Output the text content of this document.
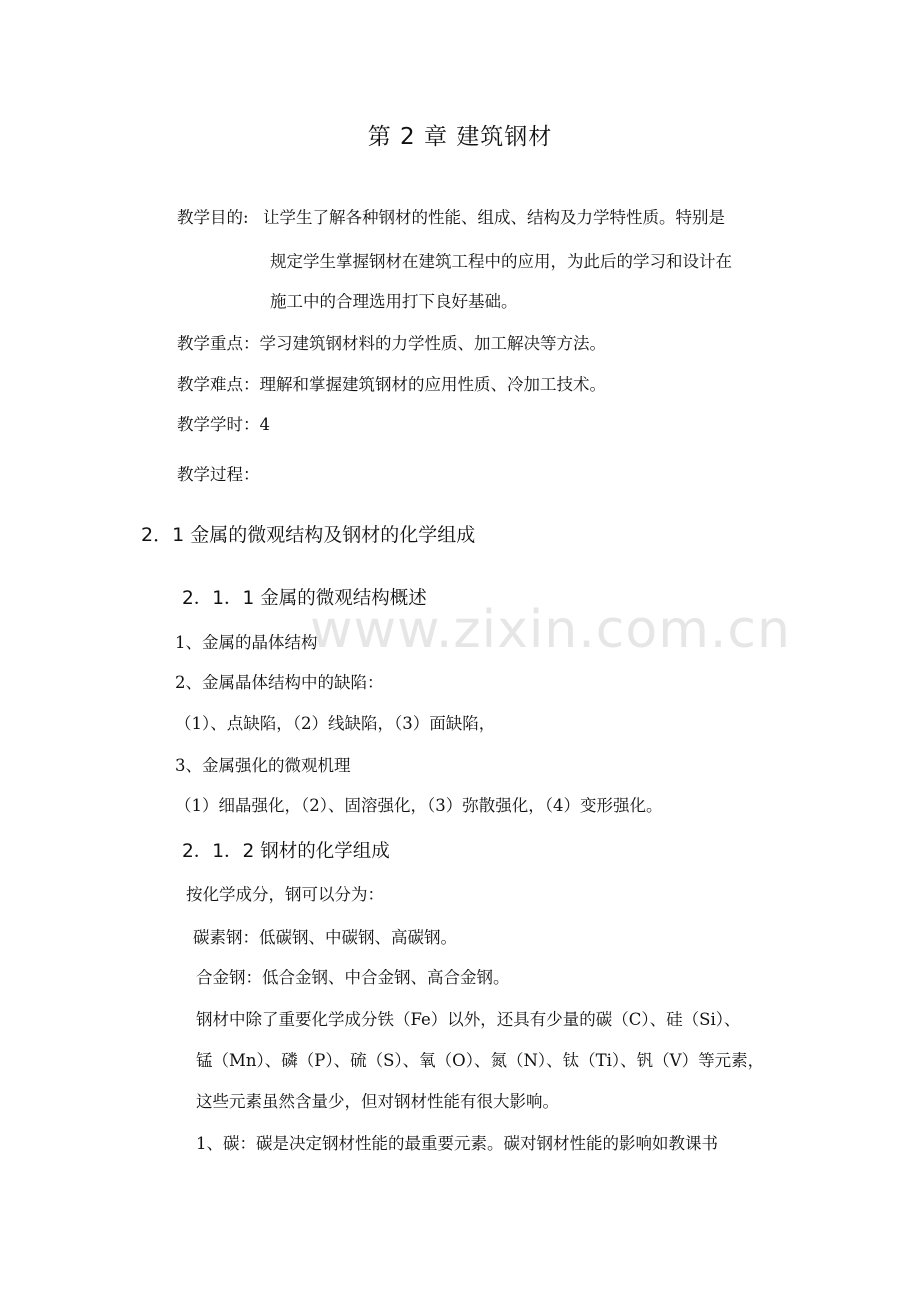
www.zixin.com.cn
第 2 章 建筑钢材
教学目的: 让学生了解各种钢材的性能、组成、结构及力学特性质。特别是
规定学生掌握钢材在建筑工程中的应用，为此后的学习和设计在
施工中的合理选用打下良好基础。
教学重点：学习建筑钢材料的力学性质、加工解决等方法。
教学难点：理解和掌握建筑钢材的应用性质、冷加工技术。
教学学时：4
教学过程：
2．1 金属的微观结构及钢材的化学组成
2．1．1 金属的微观结构概述
1、金属的晶体结构
2、金属晶体结构中的缺陷：
（1）、点缺陷，（2）线缺陷，（3）面缺陷，
3、金属强化的微观机理
（1）细晶强化，（2）、固溶强化，（3）弥散强化，（4）变形强化。
2．1．2 钢材的化学组成
按化学成分，钢可以分为：
碳素钢：低碳钢、中碳钢、高碳钢。
合金钢：低合金钢、中合金钢、高合金钢。
钢材中除了重要化学成分铁（Fe）以外，还具有少量的碳（C）、硅（Si）、
锰（Mn）、磷（P）、硫（S）、氧（O）、氮（N）、钛（Ti）、钒（V）等元素，
这些元素虽然含量少，但对钢材性能有很大影响。
1、碳：碳是决定钢材性能的最重要元素。碳对钢材性能的影响如教课书
